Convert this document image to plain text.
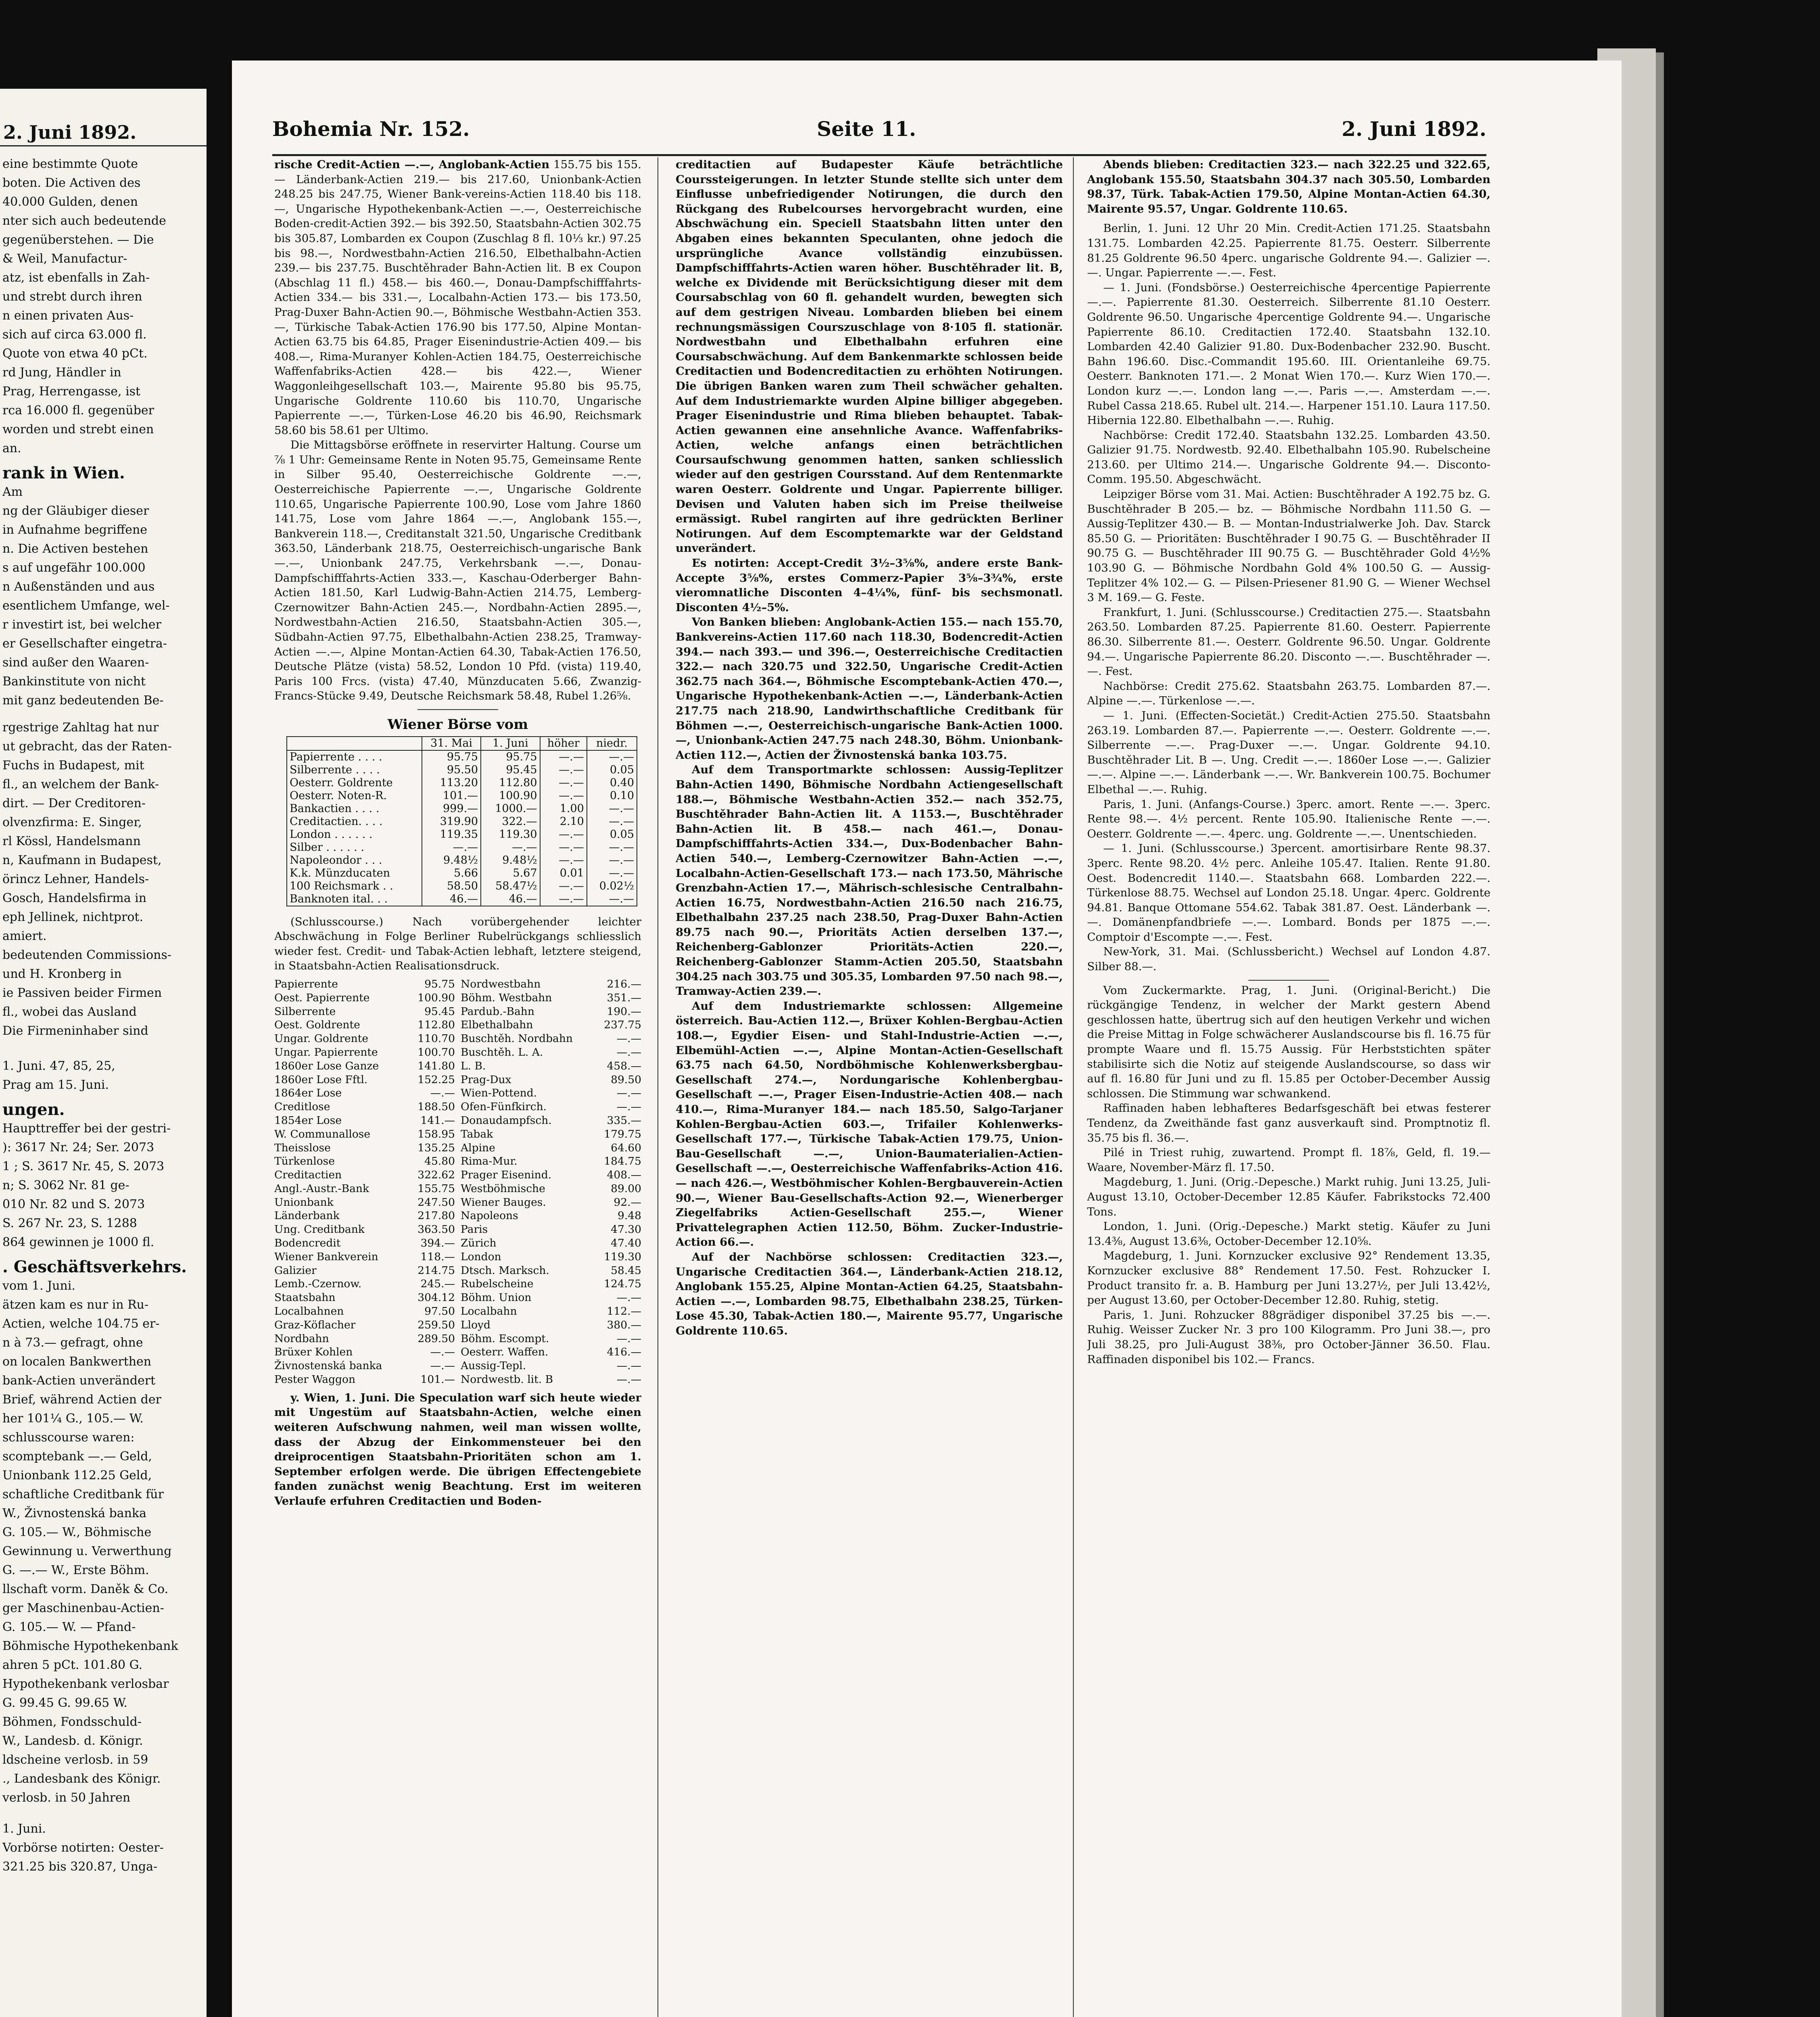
2. Juni 1892.
eine bestimmte Quote
boten. Die Activen des
40.000 Gulden, denen
nter sich auch bedeutende
gegenüberstehen. — Die
& Weil, Manufactur-
atz, ist ebenfalls in Zah-
und strebt durch ihren
n einen privaten Aus-
sich auf circa 63.000 fl.
Quote von etwa 40 pCt.
rd Jung, Händler in
Prag, Herrengasse, ist
rca 16.000 fl. gegenüber
worden und strebt einen
an.
rank in Wien.
Am
ng der Gläubiger dieser
in Aufnahme begriffene
n. Die Activen bestehen
s auf ungefähr 100.000
n Außenständen und aus
esentlichem Umfange, wel-
r investirt ist, bei welcher
er Gesellschafter eingetra-
sind außer den Waaren-
Bankinstitute von nicht
mit ganz bedeutenden Be-
rgestrige Zahltag hat nur
ut gebracht, das der Raten-
Fuchs in Budapest, mit
fl., an welchem der Bank-
dirt. — Der Creditoren-
olvenzfirma: E. Singer,
rl Kössl, Handelsmann
n, Kaufmann in Budapest,
örincz Lehner, Handels-
Gosch, Handelsfirma in
eph Jellinek, nichtprot.
amiert.
bedeutenden Commissions-
und H. Kronberg in
ie Passiven beider Firmen
fl., wobei das Ausland
Die Firmeninhaber sind
1. Juni. 47, 85, 25,
Prag am 15. Juni.
ungen.
Haupttreffer bei der gestri-
): 3617 Nr. 24; Ser. 2073
1 ; S. 3617 Nr. 45, S. 2073
n; S. 3062 Nr. 81 ge-
010 Nr. 82 und S. 2073
S. 267 Nr. 23, S. 1288
864 gewinnen je 1000 fl.
. Geschäftsverkehrs.
vom 1. Juni.
ätzen kam es nur in Ru-
Actien, welche 104.75 er-
n à 73.— gefragt, ohne
on localen Bankwerthen
bank-Actien unverändert
Brief, während Actien der
her 101¼ G., 105.— W.
schlusscourse waren:
scomptebank —.— Geld,
Unionbank 112.25 Geld,
schaftliche Creditbank für
W., Živnostenská banka
G. 105.— W., Böhmische
Gewinnung u. Verwerthung
G. —.— W., Erste Böhm.
llschaft vorm. Daněk & Co.
ger Maschinenbau-Actien-
G. 105.— W. — Pfand-
Böhmische Hypothekenbank
ahren 5 pCt. 101.80 G.
Hypothekenbank verlosbar
G. 99.45 G. 99.65 W.
Böhmen, Fondsschuld-
W., Landesb. d. Königr.
ldscheine verlosb. in 59
., Landesbank des Königr.
verlosb. in 50 Jahren
1. Juni.
Vorbörse notirten: Oester-
321.25 bis 320.87, Unga-
Bohemia Nr. 152.	Seite 11.	2. Juni 1892.

rische Credit-Actien —.—, Anglobank-Actien 155.75 bis 155.— Länderbank-Actien 219.— bis 217.60, Unionbank-Actien 248.25 bis 247.75, Wiener Bank-vereins-Actien 118.40 bis 118.—, Ungarische Hypothekenbank-Actien —.—, Oesterreichische Boden-credit-Actien 392.— bis 392.50, Staatsbahn-Actien 302.75 bis 305.87, Lombarden ex Coupon (Zuschlag 8 fl. 10⅓ kr.) 97.25 bis 98.—, Nordwestbahn-Actien 216.50, Elbethalbahn-Actien 239.— bis 237.75. Buschtěhrader Bahn-Actien lit. B ex Coupon (Abschlag 11 fl.) 458.— bis 460.—, Donau-Dampfschifffahrts-Actien 334.— bis 331.—, Localbahn-Actien 173.— bis 173.50, Prag-Duxer Bahn-Actien 90.—, Böhmische Westbahn-Actien 353.—, Türkische Tabak-Actien 176.90 bis 177.50, Alpine Montan-Actien 63.75 bis 64.85, Prager Eisenindustrie-Actien 409.— bis 408.—, Rima-Muranyer Kohlen-Actien 184.75, Oesterreichische Waffenfabriks-Actien 428.— bis 422.—, Wiener Waggonleihgesellschaft 103.—, Mairente 95.80 bis 95.75, Ungarische Goldrente 110.60 bis 110.70, Ungarische Papierrente —.—, Türken-Lose 46.20 bis 46.90, Reichsmark 58.60 bis 58.61 per Ultimo.

Die Mittagsbörse eröffnete in reservirter Haltung. Course um ⅞ 1 Uhr: Gemeinsame Rente in Noten 95.75, Gemeinsame Rente in Silber 95.40, Oesterreichische Goldrente —.—, Oesterreichische Papierrente —.—, Ungarische Goldrente 110.65, Ungarische Papierrente 100.90, Lose vom Jahre 1860 141.75, Lose vom Jahre 1864 —.—, Anglobank 155.—, Bankverein 118.—, Creditanstalt 321.50, Ungarische Creditbank 363.50, Länderbank 218.75, Oesterreichisch-ungarische Bank —.—, Unionbank 247.75, Verkehrsbank —.—, Donau-Dampfschifffahrts-Actien 333.—, Kaschau-Oderberger Bahn-Actien 181.50, Karl Ludwig-Bahn-Actien 214.75, Lemberg-Czernowitzer Bahn-Actien 245.—, Nordbahn-Actien 2895.—, Nordwestbahn-Actien 216.50, Staatsbahn-Actien 305.—, Südbahn-Actien 97.75, Elbethalbahn-Actien 238.25, Tramway-Actien —.—, Alpine Montan-Actien 64.30, Tabak-Actien 176.50, Deutsche Plätze (vista) 58.52, London 10 Pfd. (vista) 119.40, Paris 100 Frcs. (vista) 47.40, Münzducaten 5.66, Zwanzig-Francs-Stücke 9.49, Deutsche Reichsmark 58.48, Rubel 1.26⅝.

Wiener Börse vom
	31. Mai	1. Juni	höher	niedr.
Papierrente . . . .	95.75	95.75	—.—	—.—
Silberrente . . . .	95.50	95.45	—.—	0.05
Oesterr. Goldrente	113.20	112.80	—.—	0.40
Oesterr. Noten-R.	101.—	100.90	—.—	0.10
Bankactien . . . .	999.—	1000.—	1.00	—.—
Creditactien. . . .	319.90	322.—	2.10	—.—
London . . . . . .	119.35	119.30	—.—	0.05
Silber . . . . . .	—.—	—.—	—.—	—.—
Napoleondor . . .	9.48½	9.48½	—.—	—.—
K.k. Münzducaten	5.66	5.67	0.01	—.—
100 Reichsmark . .	58.50	58.47½	—.—	0.02½
Banknoten ital. . .	46.—	46.—	—.—	—.—

(Schlusscourse.) Nach vorübergehender leichter Abschwächung in Folge Berliner Rubelrückgangs schliesslich wieder fest. Credit- und Tabak-Actien lebhaft, letztere steigend, in Staatsbahn-Actien Realisationsdruck.

Papierrente	95.75
Oest. Papierrente	100.90
Silberrente	95.45
Oest. Goldrente	112.80
Ungar. Goldrente	110.70
Ungar. Papierrente	100.70
1860er Lose Ganze	141.80
1860er Lose Fftl.	152.25
1864er Lose	—.—
Creditlose	188.50
1854er Lose	141.—
W. Communallose	158.95
Theisslose	135.25
Türkenlose	45.80
Creditactien	322.62
Angl.-Austr.-Bank	155.75
Unionbank	247.50
Länderbank	217.80
Ung. Creditbank	363.50
Bodencredit	394.—
Wiener Bankverein	118.—
Galizier	214.75
Lemb.-Czernow.	245.—
Staatsbahn	304.12
Localbahnen	97.50
Graz-Köflacher	259.50
Nordbahn	289.50
Brüxer Kohlen	—.—
Živnostenská banka	—.—
Pester Waggon	101.—
Nordwestbahn	216.—
Böhm. Westbahn	351.—
Pardub.-Bahn	190.—
Elbethalbahn	237.75
Buschtěh. Nordbahn	—.—
Buschtěh. L. A.	—.—
L. B.	458.—
Prag-Dux	89.50
Wien-Pottend.	—.—
Ofen-Fünfkirch.	—.—
Donaudampfsch.	335.—
Tabak	179.75
Alpine	64.60
Rima-Mur.	184.75
Prager Eisenind.	408.—
Westböhmische	89.00
Wiener Bauges.	92.—
Napoleons	9.48
Paris	47.30
Zürich	47.40
London	119.30
Dtsch. Marksch.	58.45
Rubelscheine	124.75
Böhm. Union	—.—
Localbahn	112.—
Lloyd	380.—
Böhm. Escompt.	—.—
Oesterr. Waffen.	416.—
Aussig-Tepl.	—.—
Nordwestb. lit. B	—.—

y. Wien, 1. Juni. Die Speculation warf sich heute wieder mit Ungestüm auf Staatsbahn-Actien, welche einen weiteren Aufschwung nahmen, weil man wissen wollte, dass der Abzug der Einkommensteuer bei den dreiprocentigen Staatsbahn-Prioritäten schon am 1. September erfolgen werde. Die übrigen Effectengebiete fanden zunächst wenig Beachtung. Erst im weiteren Verlaufe erfuhren Creditactien und Boden-

creditactien auf Budapester Käufe beträchtliche Courssteigerungen. In letzter Stunde stellte sich unter dem Einflusse unbefriedigender Notirungen, die durch den Rückgang des Rubelcourses hervorgebracht wurden, eine Abschwächung ein. Speciell Staatsbahn litten unter den Abgaben eines bekannten Speculanten, ohne jedoch die ursprüngliche Avance vollständig einzubüssen. Dampfschifffahrts-Actien waren höher. Buschtěhrader lit. B, welche ex Dividende mit Berücksichtigung dieser mit dem Coursabschlag von 60 fl. gehandelt wurden, bewegten sich auf dem gestrigen Niveau. Lombarden blieben bei einem rechnungsmässigen Courszuschlage von 8·105 fl. stationär. Nordwestbahn und Elbethalbahn erfuhren eine Coursabschwächung. Auf dem Bankenmarkte schlossen beide Creditactien und Bodencreditactien zu erhöhten Notirungen. Die übrigen Banken waren zum Theil schwächer gehalten. Auf dem Industriemarkte wurden Alpine billiger abgegeben. Prager Eisenindustrie und Rima blieben behauptet. Tabak-Actien gewannen eine ansehnliche Avance. Waffenfabriks-Actien, welche anfangs einen beträchtlichen Coursaufschwung genommen hatten, sanken schliesslich wieder auf den gestrigen Coursstand. Auf dem Rentenmarkte waren Oesterr. Goldrente und Ungar. Papierrente billiger. Devisen und Valuten haben sich im Preise theilweise ermässigt. Rubel rangirten auf ihre gedrückten Berliner Notirungen. Auf dem Escomptemarkte war der Geldstand unverändert.

Es notirten: Accept-Credit 3½–3⅝%, andere erste Bank-Accepte 3⅝%, erstes Commerz-Papier 3⅝–3¾%, erste vieromnatliche Disconten 4–4¼%, fünf- bis sechsmonatl. Disconten 4½–5%.

Von Banken blieben: Anglobank-Actien 155.— nach 155.70, Bankvereins-Actien 117.60 nach 118.30, Bodencredit-Actien 394.— nach 393.— und 396.—, Oesterreichische Creditactien 322.— nach 320.75 und 322.50, Ungarische Credit-Actien 362.75 nach 364.—, Böhmische Escomptebank-Actien 470.—, Ungarische Hypothekenbank-Actien —.—, Länderbank-Actien 217.75 nach 218.90, Landwirthschaftliche Creditbank für Böhmen —.—, Oesterreichisch-ungarische Bank-Actien 1000.—, Unionbank-Actien 247.75 nach 248.30, Böhm. Unionbank-Actien 112.—, Actien der Živnostenská banka 103.75.

Auf dem Transportmarkte schlossen: Aussig-Teplitzer Bahn-Actien 1490, Böhmische Nordbahn Actiengesellschaft 188.—, Böhmische Westbahn-Actien 352.— nach 352.75, Buschtěhrader Bahn-Actien lit. A 1153.—, Buschtěhrader Bahn-Actien lit. B 458.— nach 461.—, Donau-Dampfschifffahrts-Actien 334.—, Dux-Bodenbacher Bahn-Actien 540.—, Lemberg-Czernowitzer Bahn-Actien —.—, Localbahn-Actien-Gesellschaft 173.— nach 173.50, Mährische Grenzbahn-Actien 17.—, Mährisch-schlesische Centralbahn-Actien 16.75, Nordwestbahn-Actien 216.50 nach 216.75, Elbethalbahn 237.25 nach 238.50, Prag-Duxer Bahn-Actien 89.75 nach 90.—, Prioritäts Actien derselben 137.—, Reichenberg-Gablonzer Prioritäts-Actien 220.—, Reichenberg-Gablonzer Stamm-Actien 205.50, Staatsbahn 304.25 nach 303.75 und 305.35, Lombarden 97.50 nach 98.—, Tramway-Actien 239.—.

Auf dem Industriemarkte schlossen: Allgemeine österreich. Bau-Actien 112.—, Brüxer Kohlen-Bergbau-Actien 108.—, Egydier Eisen- und Stahl-Industrie-Actien —.—, Elbemühl-Actien —.—, Alpine Montan-Actien-Gesellschaft 63.75 nach 64.50, Nordböhmische Kohlenwerksbergbau-Gesellschaft 274.—, Nordungarische Kohlenbergbau-Gesellschaft —.—, Prager Eisen-Industrie-Actien 408.— nach 410.—, Rima-Muranyer 184.— nach 185.50, Salgo-Tarjaner Kohlen-Bergbau-Actien 603.—, Trifailer Kohlenwerks-Gesellschaft 177.—, Türkische Tabak-Actien 179.75, Union-Bau-Gesellschaft —.—, Union-Baumaterialien-Actien-Gesellschaft —.—, Oesterreichische Waffenfabriks-Action 416.— nach 426.—, Westböhmischer Kohlen-Bergbauverein-Actien 90.—, Wiener Bau-Gesellschafts-Action 92.—, Wienerberger Ziegelfabriks Actien-Gesellschaft 255.—, Wiener Privattelegraphen Actien 112.50, Böhm. Zucker-Industrie-Action 66.—.

Auf der Nachbörse schlossen: Creditactien 323.—, Ungarische Creditactien 364.—, Länderbank-Actien 218.12, Anglobank 155.25, Alpine Montan-Actien 64.25, Staatsbahn-Actien —.—, Lombarden 98.75, Elbethalbahn 238.25, Türken-Lose 45.30, Tabak-Actien 180.—, Mairente 95.77, Ungarische Goldrente 110.65.

Abends blieben: Creditactien 323.— nach 322.25 und 322.65, Anglobank 155.50, Staatsbahn 304.37 nach 305.50, Lombarden 98.37, Türk. Tabak-Actien 179.50, Alpine Montan-Actien 64.30, Mairente 95.57, Ungar. Goldrente 110.65.

Berlin, 1. Juni. 12 Uhr 20 Min. Credit-Actien 171.25. Staatsbahn 131.75. Lombarden 42.25. Papierrente 81.75. Oesterr. Silberrente 81.25 Goldrente 96.50 4perc. ungarische Goldrente 94.—. Galizier —.—. Ungar. Papierrente —.—. Fest.

— 1. Juni. (Fondsbörse.) Oesterreichische 4percentige Papierrente —.—. Papierrente 81.30. Oesterreich. Silberrente 81.10 Oesterr. Goldrente 96.50. Ungarische 4percentige Goldrente 94.—. Ungarische Papierrente 86.10. Creditactien 172.40. Staatsbahn 132.10. Lombarden 42.40 Galizier 91.80. Dux-Bodenbacher 232.90. Buscht. Bahn 196.60. Disc.-Commandit 195.60. III. Orientanleihe 69.75. Oesterr. Banknoten 171.—. 2 Monat Wien 170.—. Kurz Wien 170.—. London kurz —.—. London lang —.—. Paris —.—. Amsterdam —.—. Rubel Cassa 218.65. Rubel ult. 214.—. Harpener 151.10. Laura 117.50. Hibernia 122.80. Elbethalbahn —.—. Ruhig.

Nachbörse: Credit 172.40. Staatsbahn 132.25. Lombarden 43.50. Galizier 91.75. Nordwestb. 92.40. Elbethalbahn 105.90. Rubelscheine 213.60. per Ultimo 214.—. Ungarische Goldrente 94.—. Disconto-Comm. 195.50. Abgeschwächt.

Leipziger Börse vom 31. Mai. Actien: Buschtěhrader A 192.75 bz. G. Buschtěhrader B 205.— bz. — Böhmische Nordbahn 111.50 G. — Aussig-Teplitzer 430.— B. — Montan-Industrialwerke Joh. Dav. Starck 85.50 G. — Prioritäten: Buschtěhrader I 90.75 G. — Buschtěhrader II 90.75 G. — Buschtěhrader III 90.75 G. — Buschtěhrader Gold 4½% 103.90 G. — Böhmische Nordbahn Gold 4% 100.50 G. — Aussig-Teplitzer 4% 102.— G. — Pilsen-Priesener 81.90 G. — Wiener Wechsel 3 M. 169.— G. Feste.

Frankfurt, 1. Juni. (Schlusscourse.) Creditactien 275.—. Staatsbahn 263.50. Lombarden 87.25. Papierrente 81.60. Oesterr. Papierrente 86.30. Silberrente 81.—. Oesterr. Goldrente 96.50. Ungar. Goldrente 94.—. Ungarische Papierrente 86.20. Disconto —.—. Buschtěhrader —.—. Fest.

Nachbörse: Credit 275.62. Staatsbahn 263.75. Lombarden 87.—. Alpine —.—. Türkenlose —.—.

— 1. Juni. (Effecten-Societät.) Credit-Actien 275.50. Staatsbahn 263.19. Lombarden 87.—. Papierrente —.—. Oesterr. Goldrente —.—. Silberrente —.—. Prag-Duxer —.—. Ungar. Goldrente 94.10. Buschtěhrader Lit. B —. Ung. Credit —.—. 1860er Lose —.—. Galizier —.—. Alpine —.—. Länderbank —.—. Wr. Bankverein 100.75. Bochumer Elbethal —.—. Ruhig.

Paris, 1. Juni. (Anfangs-Course.) 3perc. amort. Rente —.—. 3perc. Rente 98.—. 4½ percent. Rente 105.90. Italienische Rente —.—. Oesterr. Goldrente —.—. 4perc. ung. Goldrente —.—. Unentschieden.

— 1. Juni. (Schlusscourse.) 3percent. amortisirbare Rente 98.37. 3perc. Rente 98.20. 4½ perc. Anleihe 105.47. Italien. Rente 91.80. Oest. Bodencredit 1140.—. Staatsbahn 668. Lombarden 222.—. Türkenlose 88.75. Wechsel auf London 25.18. Ungar. 4perc. Goldrente 94.81. Banque Ottomane 554.62. Tabak 381.87. Oest. Länderbank —.—. Domänenpfandbriefe —.—. Lombard. Bonds per 1875 —.—. Comptoir d'Escompte —.—. Fest.

New-York, 31. Mai. (Schlussbericht.) Wechsel auf London 4.87. Silber 88.—.

Vom Zuckermarkte. Prag, 1. Juni. (Original-Bericht.) Die rückgängige Tendenz, in welcher der Markt gestern Abend geschlossen hatte, übertrug sich auf den heutigen Verkehr und wichen die Preise Mittag in Folge schwächerer Auslandscourse bis fl. 16.75 für prompte Waare und fl. 15.75 Aussig. Für Herbststichten später stabilisirte sich die Notiz auf steigende Auslandscourse, so dass wir auf fl. 16.80 für Juni und zu fl. 15.85 per October-December Aussig schlossen. Die Stimmung war schwankend.

Raffinaden haben lebhafteres Bedarfsgeschäft bei etwas festerer Tendenz, da Zweithände fast ganz ausverkauft sind. Promptnotiz fl. 35.75 bis fl. 36.—.

Pilé in Triest ruhig, zuwartend. Prompt fl. 18⅞, Geld, fl. 19.— Waare, November-März fl. 17.50.

Magdeburg, 1. Juni. (Orig.-Depesche.) Markt ruhig. Juni 13.25, Juli-August 13.10, October-December 12.85 Käufer. Fabrikstocks 72.400 Tons.

London, 1. Juni. (Orig.-Depesche.) Markt stetig. Käufer zu Juni 13.4⅜, August 13.6⅜, October-December 12.10⅝.

Magdeburg, 1. Juni. Kornzucker exclusive 92° Rendement 13.35, Kornzucker exclusive 88° Rendement 17.50. Fest. Rohzucker I. Product transito fr. a. B. Hamburg per Juni 13.27½, per Juli 13.42½, per August 13.60, per October-December 12.80. Ruhig, stetig.

Paris, 1. Juni. Rohzucker 88grädiger disponibel 37.25 bis —.—. Ruhig. Weisser Zucker Nr. 3 pro 100 Kilogramm. Pro Juni 38.—, pro Juli 38.25, pro Juli-August 38⅜, pro October-Jänner 36.50. Flau. Raffinaden disponibel bis 102.— Francs.
